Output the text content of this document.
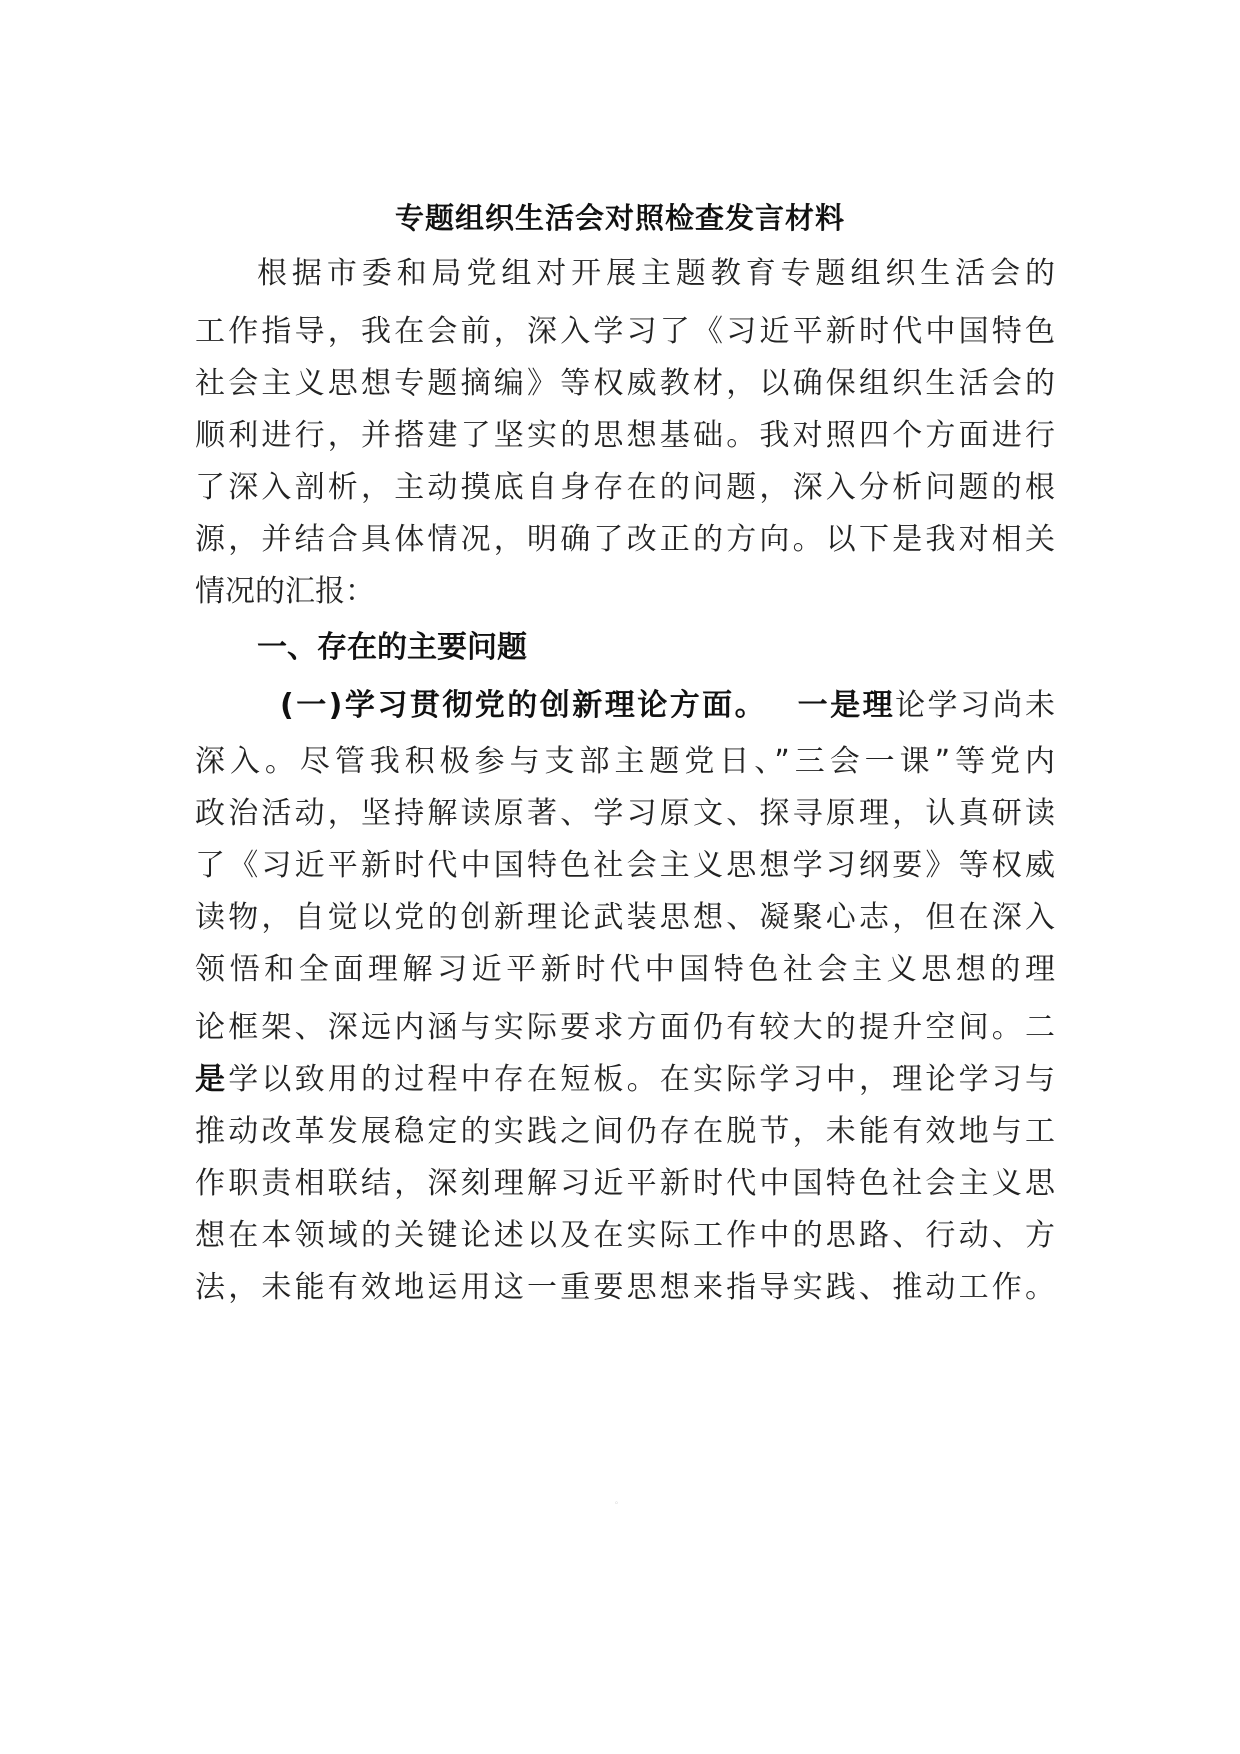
专题组织生活会对照检查发言材料

根据市委和局党组对开展主题教育专题组织生活会的

工作指导，我在会前，深入学习了《习近平新时代中国特色

社会主义思想专题摘编》等权威教材，以确保组织生活会的

顺利进行，并搭建了坚实的思想基础。我对照四个方面进行

了深入剖析，主动摸底自身存在的问题，深入分析问题的根

源，并结合具体情况，明确了改正的方向。以下是我对相关

情况的汇报：

一、存在的主要问题

(一)学习贯彻党的创新理论方面。 一是理论学习尚未

深入。尽管我积极参与支部主题党日、”三会一课”等党内

政治活动，坚持解读原著、学习原文、探寻原理，认真研读

了《习近平新时代中国特色社会主义思想学习纲要》等权威

读物，自觉以党的创新理论武装思想、凝聚心志，但在深入

领悟和全面理解习近平新时代中国特色社会主义思想的理

论框架、深远内涵与实际要求方面仍有较大的提升空间。二

是学以致用的过程中存在短板。在实际学习中，理论学习与

推动改革发展稳定的实践之间仍存在脱节，未能有效地与工

作职责相联结，深刻理解习近平新时代中国特色社会主义思

想在本领域的关键论述以及在实际工作中的思路、行动、方

法，未能有效地运用这一重要思想来指导实践、推动工作。

。
